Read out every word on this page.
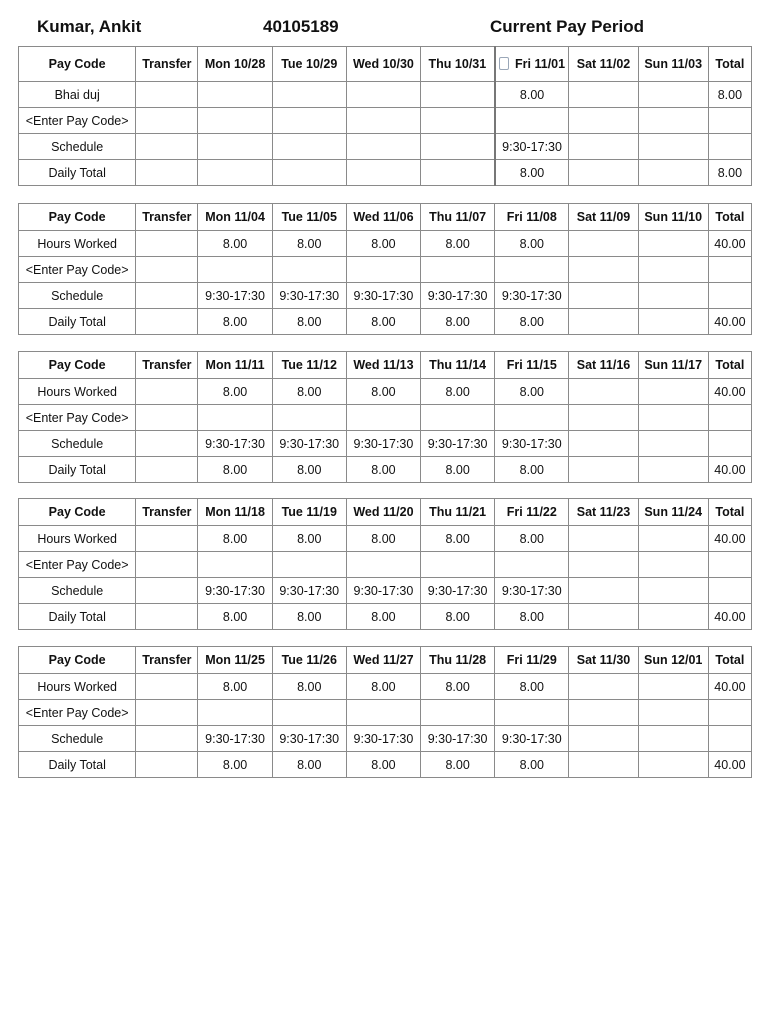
Kumar, Ankit	40105189	Current Pay Period
Pay Code	Transfer	Mon 10/28	Tue 10/29	Wed 10/30	Thu 10/31	Fri 11/01	Sat 11/02	Sun 11/03	Total
Bhai duj						8.00			8.00
<Enter Pay Code>									
Schedule						9:30-17:30			
Daily Total						8.00			8.00
Pay Code	Transfer	Mon 11/04	Tue 11/05	Wed 11/06	Thu 11/07	Fri 11/08	Sat 11/09	Sun 11/10	Total
Hours Worked		8.00	8.00	8.00	8.00	8.00			40.00
<Enter Pay Code>									
Schedule		9:30-17:30	9:30-17:30	9:30-17:30	9:30-17:30	9:30-17:30			
Daily Total		8.00	8.00	8.00	8.00	8.00			40.00
Pay Code	Transfer	Mon 11/11	Tue 11/12	Wed 11/13	Thu 11/14	Fri 11/15	Sat 11/16	Sun 11/17	Total
Hours Worked		8.00	8.00	8.00	8.00	8.00			40.00
<Enter Pay Code>									
Schedule		9:30-17:30	9:30-17:30	9:30-17:30	9:30-17:30	9:30-17:30			
Daily Total		8.00	8.00	8.00	8.00	8.00			40.00
Pay Code	Transfer	Mon 11/18	Tue 11/19	Wed 11/20	Thu 11/21	Fri 11/22	Sat 11/23	Sun 11/24	Total
Hours Worked		8.00	8.00	8.00	8.00	8.00			40.00
<Enter Pay Code>									
Schedule		9:30-17:30	9:30-17:30	9:30-17:30	9:30-17:30	9:30-17:30			
Daily Total		8.00	8.00	8.00	8.00	8.00			40.00
Pay Code	Transfer	Mon 11/25	Tue 11/26	Wed 11/27	Thu 11/28	Fri 11/29	Sat 11/30	Sun 12/01	Total
Hours Worked		8.00	8.00	8.00	8.00	8.00			40.00
<Enter Pay Code>									
Schedule		9:30-17:30	9:30-17:30	9:30-17:30	9:30-17:30	9:30-17:30			
Daily Total		8.00	8.00	8.00	8.00	8.00			40.00
